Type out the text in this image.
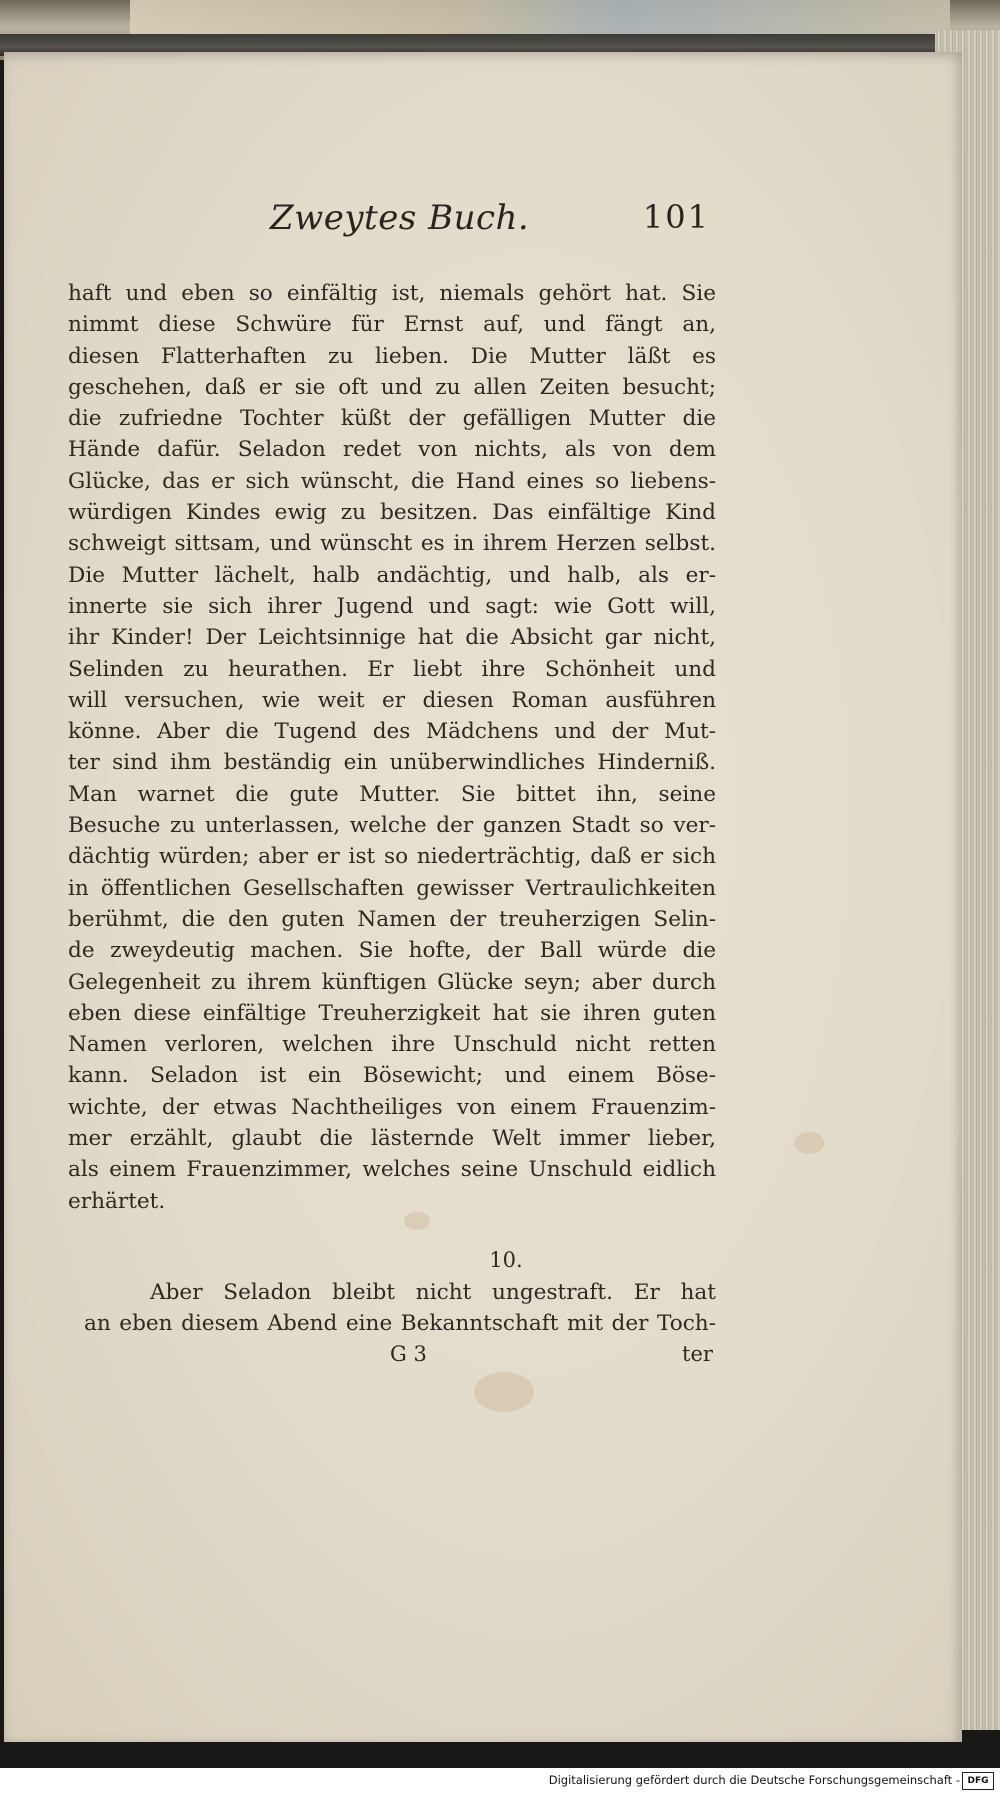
Zweytes Buch.	101
haft und eben so einfältig ist, niemals gehört hat. Sie
nimmt diese Schwüre für Ernst auf, und fängt an,
diesen Flatterhaften zu lieben. Die Mutter läßt es
geschehen, daß er sie oft und zu allen Zeiten besucht;
die zufriedne Tochter küßt der gefälligen Mutter die
Hände dafür. Seladon redet von nichts, als von dem
Glücke, das er sich wünscht, die Hand eines so liebens-
würdigen Kindes ewig zu besitzen. Das einfältige Kind
schweigt sittsam, und wünscht es in ihrem Herzen selbst.
Die Mutter lächelt, halb andächtig, und halb, als er-
innerte sie sich ihrer Jugend und sagt: wie Gott will,
ihr Kinder! Der Leichtsinnige hat die Absicht gar nicht,
Selinden zu heurathen. Er liebt ihre Schönheit und
will versuchen, wie weit er diesen Roman ausführen
könne. Aber die Tugend des Mädchens und der Mut-
ter sind ihm beständig ein unüberwindliches Hinderniß.
Man warnet die gute Mutter. Sie bittet ihn, seine
Besuche zu unterlassen, welche der ganzen Stadt so ver-
dächtig würden; aber er ist so niederträchtig, daß er sich
in öffentlichen Gesellschaften gewisser Vertraulichkeiten
berühmt, die den guten Namen der treuherzigen Selin-
de zweydeutig machen. Sie hofte, der Ball würde die
Gelegenheit zu ihrem künftigen Glücke seyn; aber durch
eben diese einfältige Treuherzigkeit hat sie ihren guten
Namen verloren, welchen ihre Unschuld nicht retten
kann. Seladon ist ein Bösewicht; und einem Böse-
wichte, der etwas Nachtheiliges von einem Frauenzim-
mer erzählt, glaubt die lästernde Welt immer lieber,
als einem Frauenzimmer, welches seine Unschuld eidlich
erhärtet.
10.
Aber Seladon bleibt nicht ungestraft. Er hat
an eben diesem Abend eine Bekanntschaft mit der Toch-
G 3	ter
Digitalisierung gefördert durch die Deutsche Forschungsgemeinschaft - DFG
